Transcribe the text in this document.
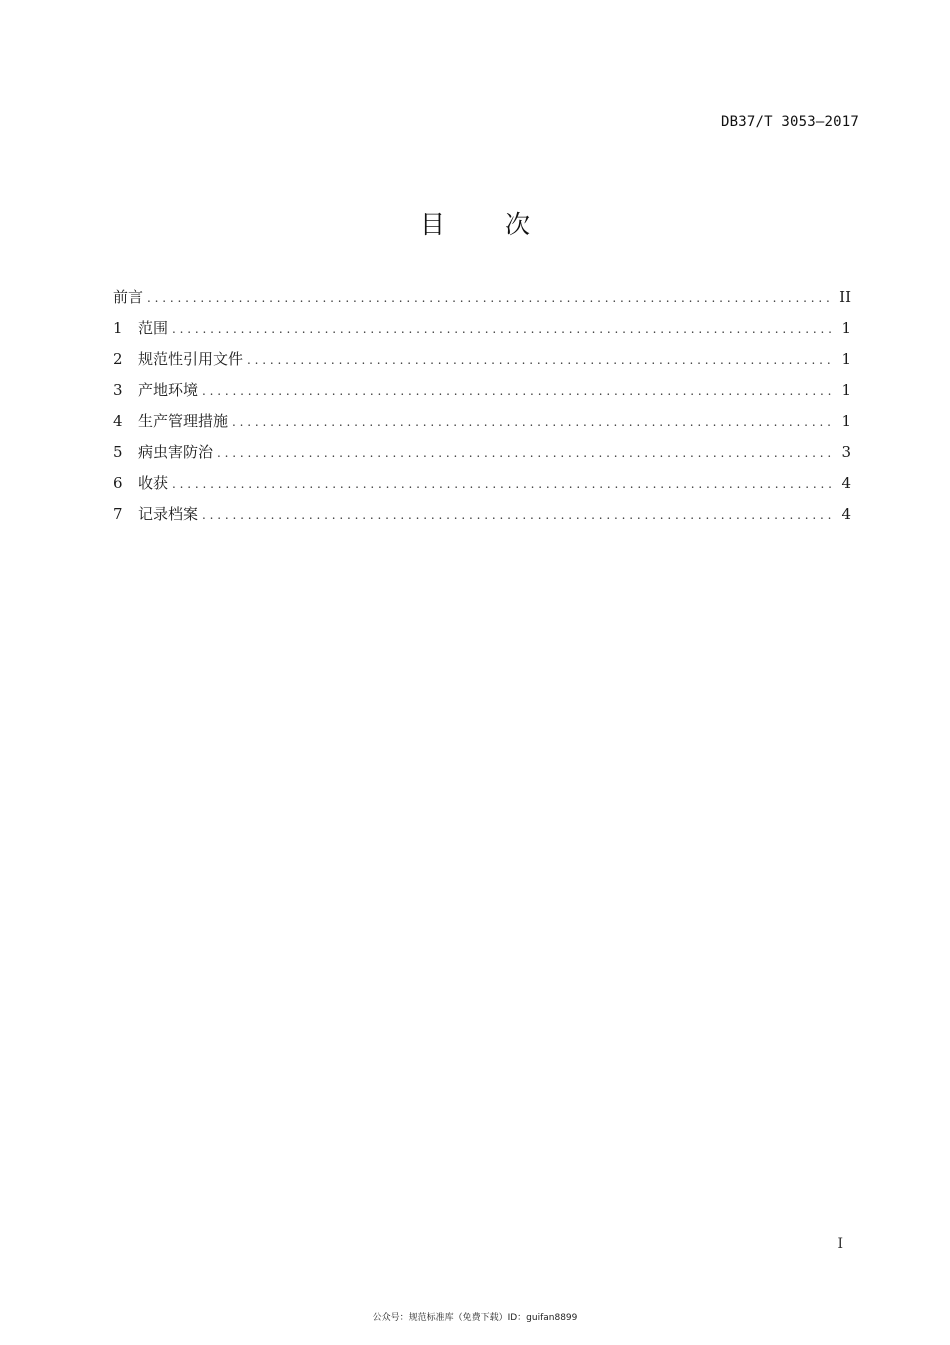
DB37/T 3053—2017
目 次
前言 . . .	II
1	范围 . . .	1
2	规范性引用文件 . . .	1
3	产地环境 . . .	1
4	生产管理措施 . . .	1
5	病虫害防治 . . .	3
6	收获 . . .	4
7	记录档案 . . .	4
I
公众号：规范标准库（免费下载）ID：guifan8899
